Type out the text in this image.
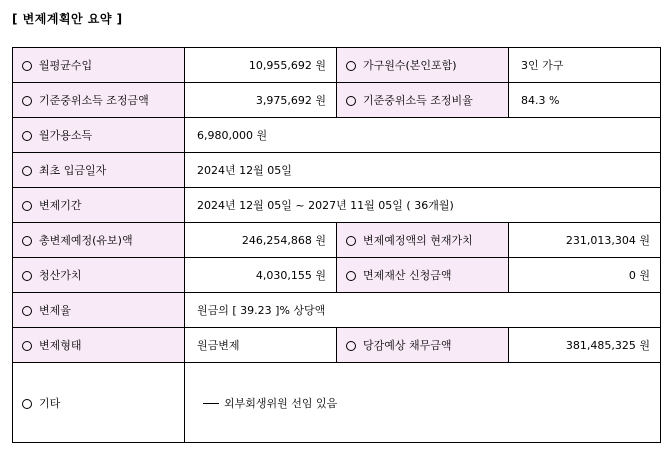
[ 변제계획안 요약 ]
월평균수입	10,955,692 원	가구원수(본인포함)	3인 가구
기준중위소득 조정금액	3,975,692 원	기준중위소득 조정비율	84.3 %
월가용소득	6,980,000 원		
최초 입금일자	2024년 12월 05일		
변제기간	2024년 12월 05일 ~ 2027년 11월 05일 ( 36개월)		
총변제예정(유보)액	246,254,868 원	변제예정액의 현재가치	231,013,304 원
청산가치	4,030,155 원	면제재산 신청금액	0 원
변제율	원금의 [ 39.23 ]% 상당액		
변제형태	원금변제	당감예상 채무금액	381,485,325 원
기타	외부회생위원 선임 있음		
